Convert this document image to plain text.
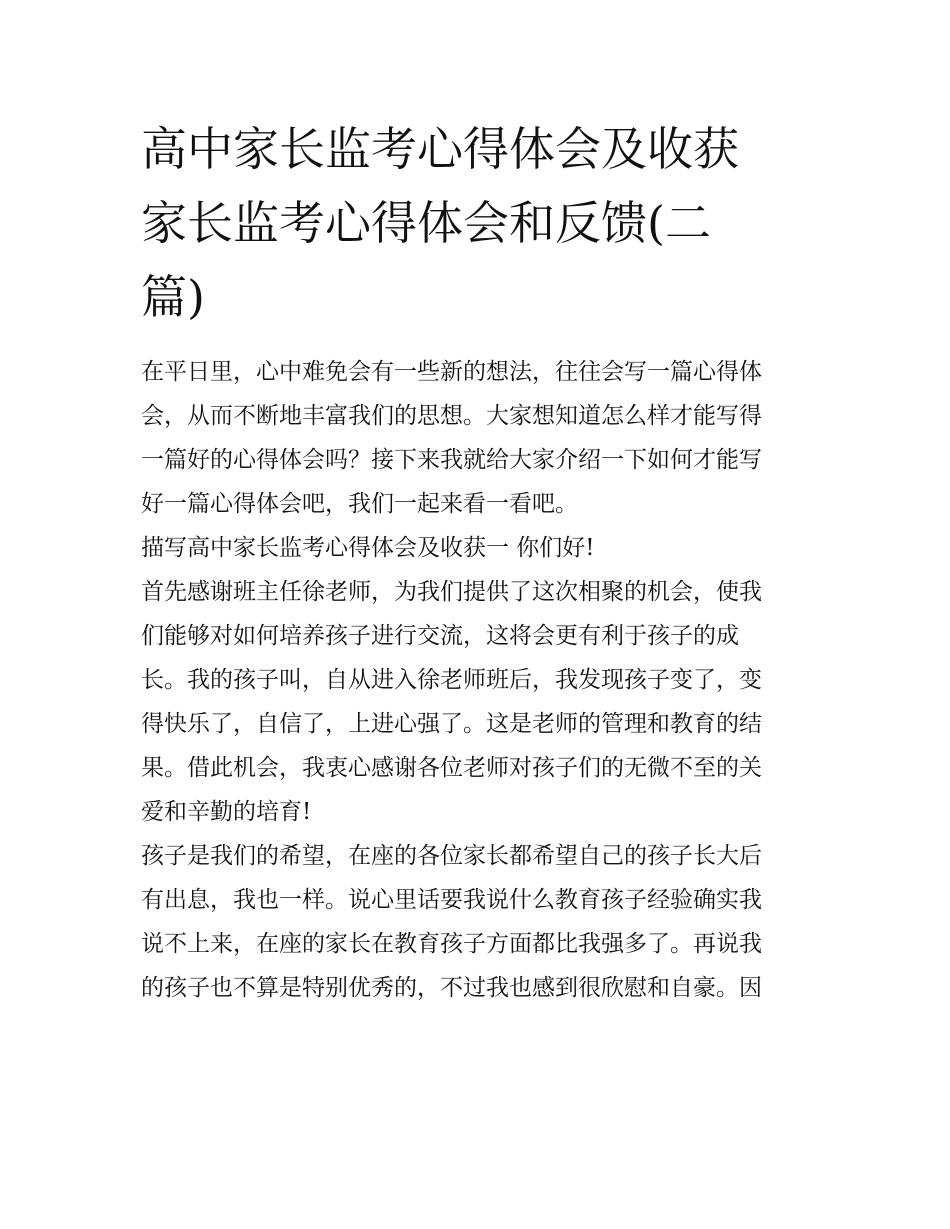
高中家长监考心得体会及收获
家长监考心得体会和反馈(二
篇)
在平日里，心中难免会有一些新的想法，往往会写一篇心得体
会，从而不断地丰富我们的思想。大家想知道怎么样才能写得
一篇好的心得体会吗？接下来我就给大家介绍一下如何才能写
好一篇心得体会吧，我们一起来看一看吧。
描写高中家长监考心得体会及收获一 你们好!
首先感谢班主任徐老师，为我们提供了这次相聚的机会，使我
们能够对如何培养孩子进行交流，这将会更有利于孩子的成
长。我的孩子叫，自从进入徐老师班后，我发现孩子变了，变
得快乐了，自信了，上进心强了。这是老师的管理和教育的结
果。借此机会，我衷心感谢各位老师对孩子们的无微不至的关
爱和辛勤的培育!
孩子是我们的希望，在座的各位家长都希望自己的孩子长大后
有出息，我也一样。说心里话要我说什么教育孩子经验确实我
说不上来，在座的家长在教育孩子方面都比我强多了。再说我
的孩子也不算是特别优秀的，不过我也感到很欣慰和自豪。因
